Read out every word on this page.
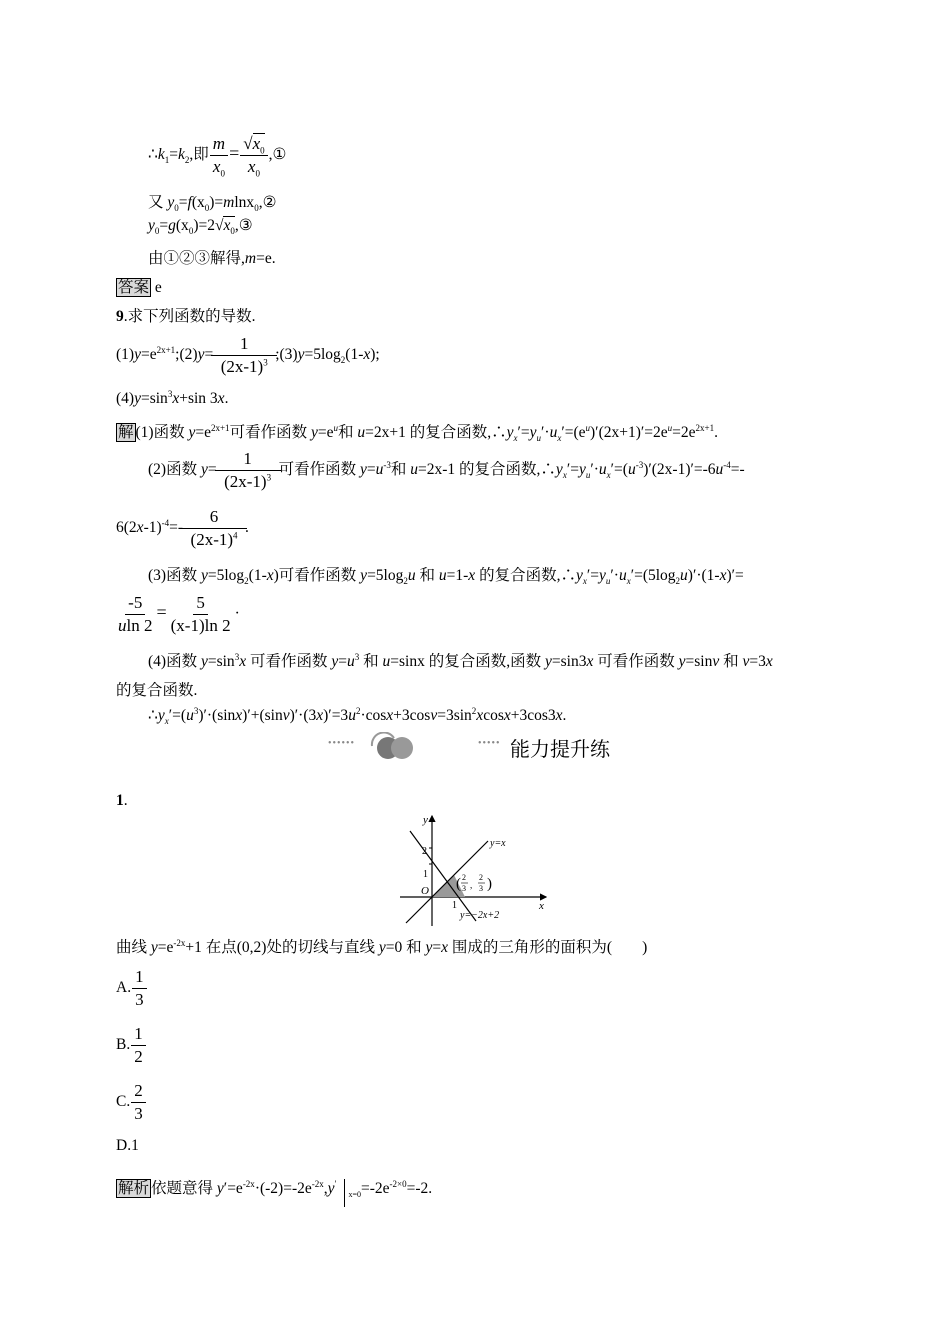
$\therefore k_1=k_2$,即 $\frac{m}{x_0} = \frac{√x_0}{x_0}$ ,①
又 $y_0=f(x_0)=mlnx_0,②$
$y_0=g(x_0)=2√x_0,③$
由①②③解得,m=e.
答案 e
9.求下列函数的导数.
$(1)y=e^{2x+1};(2)y= \frac{1}{(2x-1)^3}$ $;(3)y=5\log_2(1-x)$;
$(4)y=\sin^3x+\sin$ 3x.
解 (1)函数 $y=e^{2x+1}$可看作函数 $y=e^u$和 u=2x+1 的复合函数$,\therefore y_x'=y_u'\cdot u_x'=(e^u)'(2x+1)'=2e^u=2e^{2x+1}$.
(2)函数 $y= \frac{1}{(2x-1)^3}$ 可看作函数 $y=u^{-3}$和 u=2x-1 的复合函数$,\therefore y_x'=y_u'\cdot u_x'=(u^{-3})'(2x-1)'=-6u^{-4}=-$
$6(2x-1)^{-4}=- \frac{6}{(2x-1)^4}$ .
(3)函数 $y=5\log_2(1-x)$可看作函数 $y=5\log_2u$ 和 u=1-x 的复合函数$,\therefore y_x'=y_u'\cdot u_x'=(5\log_2u)'\cdot(1-x)'=$
$\frac{-5}{uln 2} = \frac{5}{(x-1)\ln 2}$ ·
(4)函数 $y=\sin^3x$ 可看作函数 $y=u^3$ 和 u=sinx 的复合函数,函数 y=sin3x 可看作函数 y=sinv 和 v=3x
的复合函数.
$\therefore y_x'=(u^3)'\cdot(\sin x)'+(\sin v)'\cdot(3x)'=3u^2\cdot\cos x+3\cos v=3\sin^2xcosx+3\cos 3x$.
••••••	••••• 能力提升练
1.
y
x
O
2
1
1
y=x
y=−2x+2
( 2
3 ,
2
3 )
曲线 $y=e^{-2x}+1$ 在点(0,2)处的切线与直线 y=0 和 y=x 围成的三角形的面积为( )
A. $\frac{1}{3}$
B. $\frac{1}{2}$
C. $\frac{2}{3}$
D.1
解析 依题意得 $y'=e^{-2x}\cdot(-2)=-2e^{-2x},y'_{x=0}=-2e^{-2\times 0}=-2$.
